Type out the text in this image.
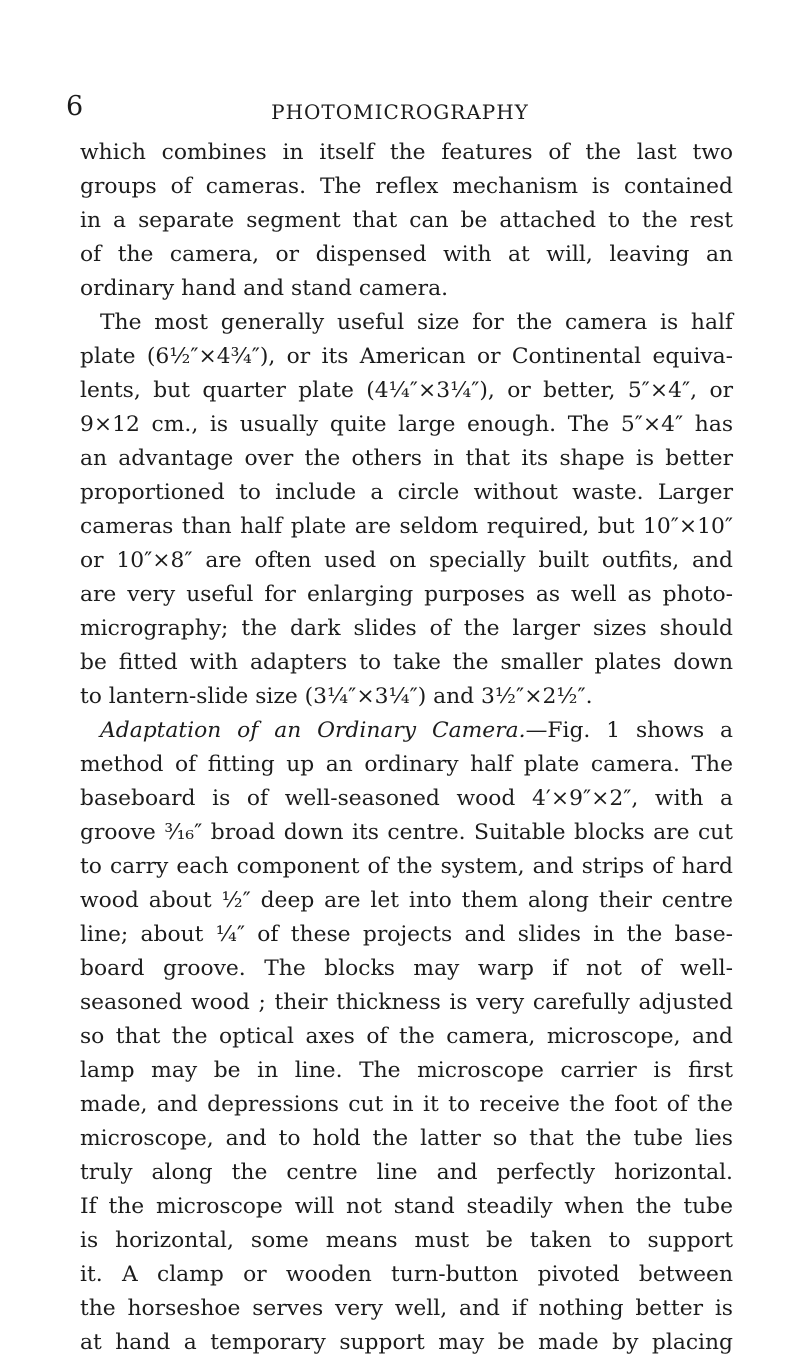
6	PHOTOMICROGRAPHY
which combines in itself the features of the last two
groups of cameras. The reflex mechanism is contained
in a separate segment that can be attached to the rest
of the camera, or dispensed with at will, leaving an
ordinary hand and stand camera.
The most generally useful size for the camera is half
plate (6½″×4¾″), or its American or Continental equiva-
lents, but quarter plate (4¼″×3¼″), or better, 5″×4″, or
9×12 cm., is usually quite large enough. The 5″×4″ has
an advantage over the others in that its shape is better
proportioned to include a circle without waste. Larger
cameras than half plate are seldom required, but 10″×10″
or 10″×8″ are often used on specially built outfits, and
are very useful for enlarging purposes as well as photo-
micrography; the dark slides of the larger sizes should
be fitted with adapters to take the smaller plates down
to lantern-slide size (3¼″×3¼″) and 3½″×2½″.
Adaptation of an Ordinary Camera.—Fig. 1 shows a
method of fitting up an ordinary half plate camera. The
baseboard is of well-seasoned wood 4′×9″×2″, with a
groove ³⁄₁₆″ broad down its centre. Suitable blocks are cut
to carry each component of the system, and strips of hard
wood about ½″ deep are let into them along their centre
line; about ¼″ of these projects and slides in the base-
board groove. The blocks may warp if not of well-
seasoned wood ; their thickness is very carefully adjusted
so that the optical axes of the camera, microscope, and
lamp may be in line. The microscope carrier is first
made, and depressions cut in it to receive the foot of the
microscope, and to hold the latter so that the tube lies
truly along the centre line and perfectly horizontal.
If the microscope will not stand steadily when the tube
is horizontal, some means must be taken to support
it. A clamp or wooden turn-button pivoted between
the horseshoe serves very well, and if nothing better is
at hand a temporary support may be made by placing
